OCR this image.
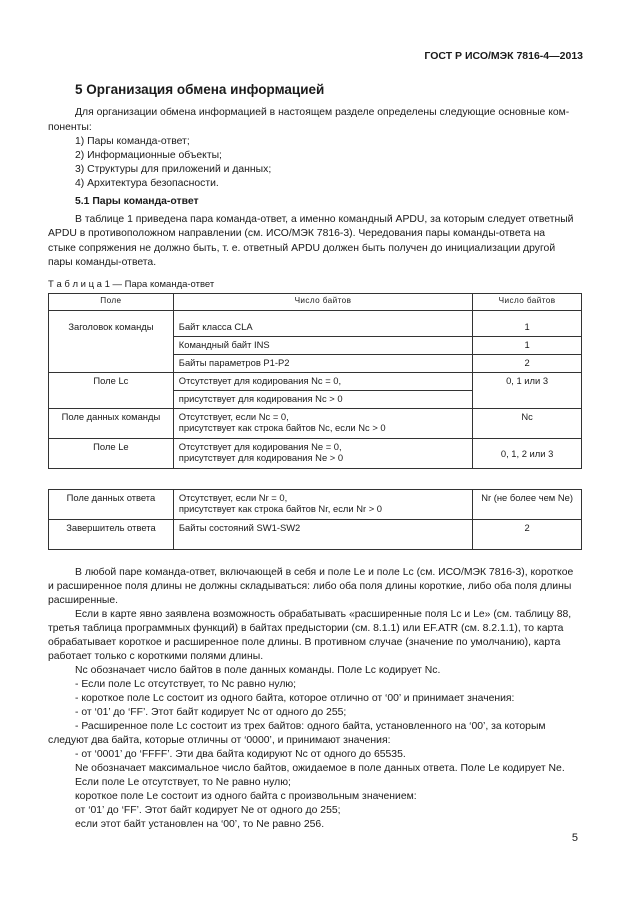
ГОСТ Р ИСО/МЭК 7816-4—2013
5 Организация обмена информацией
Для организации обмена информацией в настоящем разделе определены следующие основные ком-
поненты:
1) Пары команда-ответ;
2) Информационные объекты;
3) Структуры для приложений и данных;
4) Архитектура безопасности.
5.1 Пары команда-ответ
В таблице 1 приведена пара команда-ответ, а именно командный APDU, за которым следует ответный
APDU в противоположном направлении (см. ИСО/МЭК 7816-3). Чередования пары команды-ответа на
стыке сопряжения не должно быть, т. е. ответный APDU должен быть получен до инициализации другой
пары команды-ответа.
Т а б л и ц а 1 — Пара команда-ответ
Поле	Число байтов	Число байтов
Заголовок команды	Байт класса CLA	1
	Командный байт INS	1
	Байты параметров P1-P2	2
Поле Lc	Отсутствует для кодирования Nc = 0,	0, 1 или 3
	присутствует для кодирования Nc > 0	
Поле данных команды	Отсутствует, если Nc = 0,
присутствует как строка байтов Nc, если Nc > 0	Nc
Поле Le	Отсутствует для кодирования Ne = 0,
присутствует для кодирования Ne > 0	0, 1, 2 или 3
Поле данных ответа	Отсутствует, если Nr = 0,
присутствует как строка байтов Nr, если Nr > 0	Nr (не более чем Ne)
Завершитель ответа	Байты состояний SW1-SW2	2
В любой паре команда-ответ, включающей в себя и поле Le и поле Lc (см. ИСО/МЭК 7816-3), короткое
и расширенное поля длины не должны складываться: либо оба поля длины короткие, либо оба поля длины
расширенные.
Если в карте явно заявлена возможность обрабатывать «расширенные поля Lc и Le» (см. таблицу 88,
третья таблица программных функций) в байтах предыстории (см. 8.1.1) или EF.ATR (см. 8.2.1.1), то карта
обрабатывает короткое и расширенное поле длины. В противном случае (значение по умолчанию), карта
работает только с короткими полями длины.
Nc обозначает число байтов в поле данных команды. Поле Lc кодирует Nc.
- Если поле Lc отсутствует, то Nc равно нулю;
- короткое поле Lc состоит из одного байта, которое отлично от ‘00’ и принимает значения:
- от ‘01’ до ‘FF’. Этот байт кодирует Nc от одного до 255;
- Расширенное поле Lc состоит из трех байтов: одного байта, установленного на ‘00’, за которым
следуют два байта, которые отличны от ‘0000’, и принимают значения:
- от ‘0001’ до ‘FFFF’. Эти два байта кодируют Nc от одного до 65535.
Ne обозначает максимальное число байтов, ожидаемое в поле данных ответа. Поле Le кодирует Ne.
Если поле Le отсутствует, то Ne равно нулю;
короткое поле Le состоит из одного байта с произвольным значением:
от ‘01’ до ‘FF’. Этот байт кодирует Ne от одного до 255;
если этот байт установлен на ‘00’, то Ne равно 256.
5
